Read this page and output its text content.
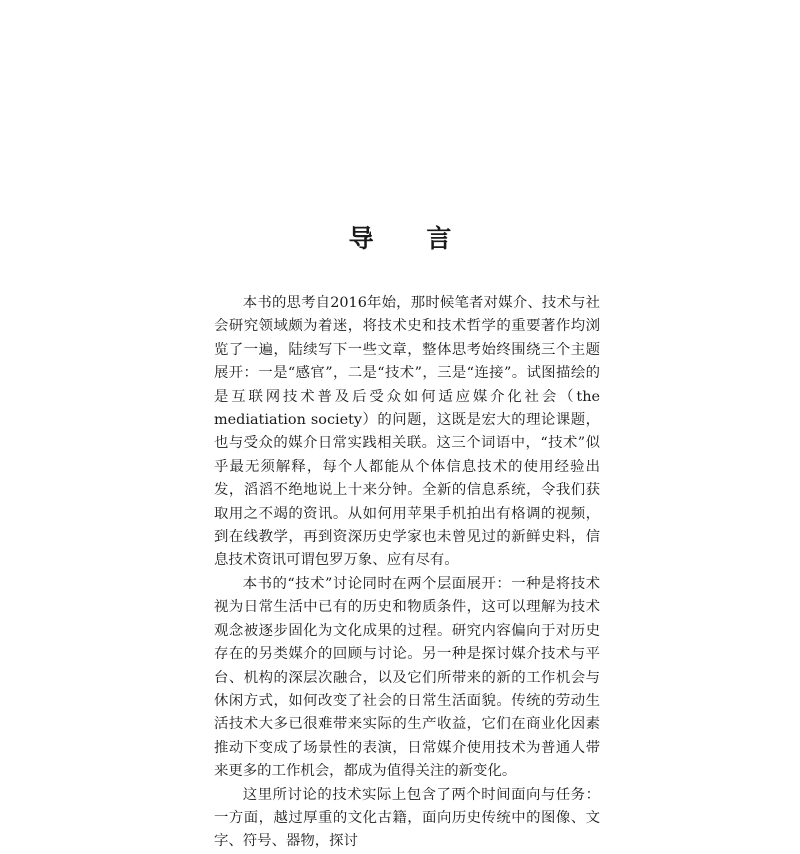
导 言

本书的思考自2016年始，那时候笔者对媒介、技术与社会研究领域颇为着迷，将技术史和技术哲学的重要著作均浏览了一遍，陆续写下一些文章，整体思考始终围绕三个主题展开：一是“感官”，二是“技术”，三是“连接”。试图描绘的是互联网技术普及后受众如何适应媒介化社会（the mediatiation society）的问题，这既是宏大的理论课题，也与受众的媒介日常实践相关联。这三个词语中，“技术”似乎最无须解释，每个人都能从个体信息技术的使用经验出发，滔滔不绝地说上十来分钟。全新的信息系统，令我们获取用之不竭的资讯。从如何用苹果手机拍出有格调的视频，到在线教学，再到资深历史学家也未曾见过的新鲜史料，信息技术资讯可谓包罗万象、应有尽有。

本书的“技术”讨论同时在两个层面展开：一种是将技术视为日常生活中已有的历史和物质条件，这可以理解为技术观念被逐步固化为文化成果的过程。研究内容偏向于对历史存在的另类媒介的回顾与讨论。另一种是探讨媒介技术与平台、机构的深层次融合，以及它们所带来的新的工作机会与休闲方式，如何改变了社会的日常生活面貌。传统的劳动生活技术大多已很难带来实际的生产收益，它们在商业化因素推动下变成了场景性的表演，日常媒介使用技术为普通人带来更多的工作机会，都成为值得关注的新变化。

这里所讨论的技术实际上包含了两个时间面向与任务：一方面，越过厚重的文化古籍，面向历史传统中的图像、文字、符号、器物，探讨
